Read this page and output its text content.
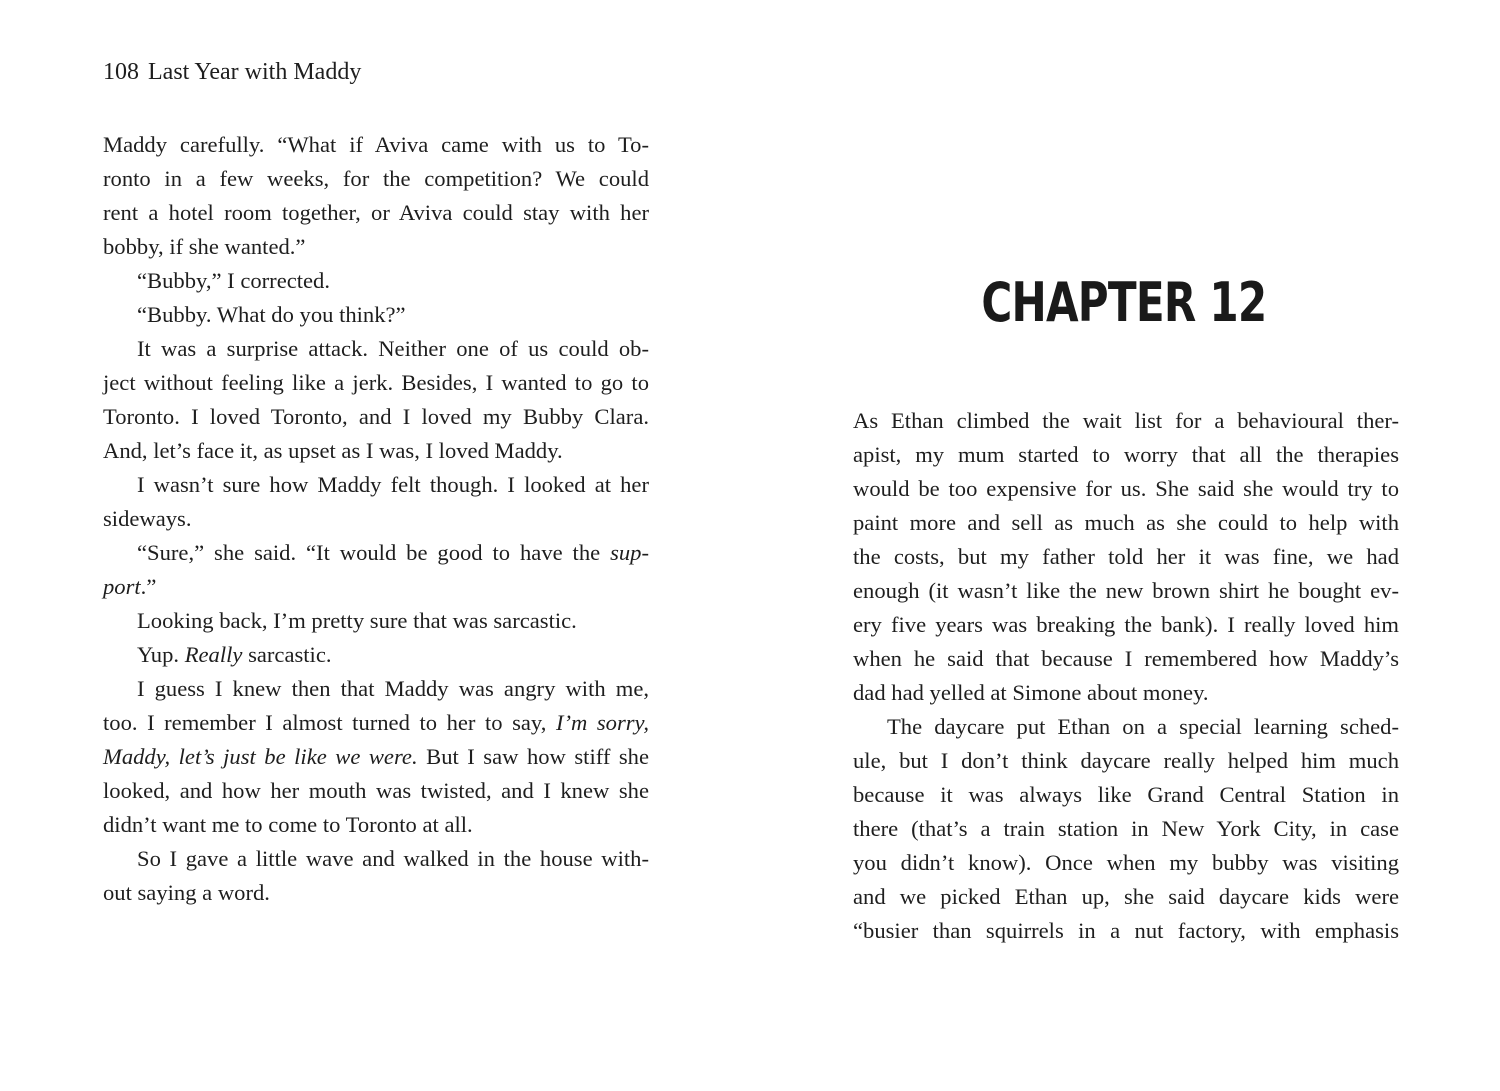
108 Last Year with Maddy
Maddy carefully. “What if Aviva came with us to To-
ronto in a few weeks, for the competition? We could
rent a hotel room together, or Aviva could stay with her
bobby, if she wanted.”
“Bubby,” I corrected.
“Bubby. What do you think?”
It was a surprise attack. Neither one of us could ob-
ject without feeling like a jerk. Besides, I wanted to go to
Toronto. I loved Toronto, and I loved my Bubby Clara.
And, let’s face it, as upset as I was, I loved Maddy.
I wasn’t sure how Maddy felt though. I looked at her
sideways.
“Sure,” she said. “It would be good to have the sup-
port.”
Looking back, I’m pretty sure that was sarcastic.
Yup. Really sarcastic.
I guess I knew then that Maddy was angry with me,
too. I remember I almost turned to her to say, I’m sorry,
Maddy, let’s just be like we were. But I saw how stiff she
looked, and how her mouth was twisted, and I knew she
didn’t want me to come to Toronto at all.
So I gave a little wave and walked in the house with-
out saying a word.
CHAPTER 12
As Ethan climbed the wait list for a behavioural ther-
apist, my mum started to worry that all the therapies
would be too expensive for us. She said she would try to
paint more and sell as much as she could to help with
the costs, but my father told her it was fine, we had
enough (it wasn’t like the new brown shirt he bought ev-
ery five years was breaking the bank). I really loved him
when he said that because I remembered how Maddy’s
dad had yelled at Simone about money.
The daycare put Ethan on a special learning sched-
ule, but I don’t think daycare really helped him much
because it was always like Grand Central Station in
there (that’s a train station in New York City, in case
you didn’t know). Once when my bubby was visiting
and we picked Ethan up, she said daycare kids were
“busier than squirrels in a nut factory, with emphasis
